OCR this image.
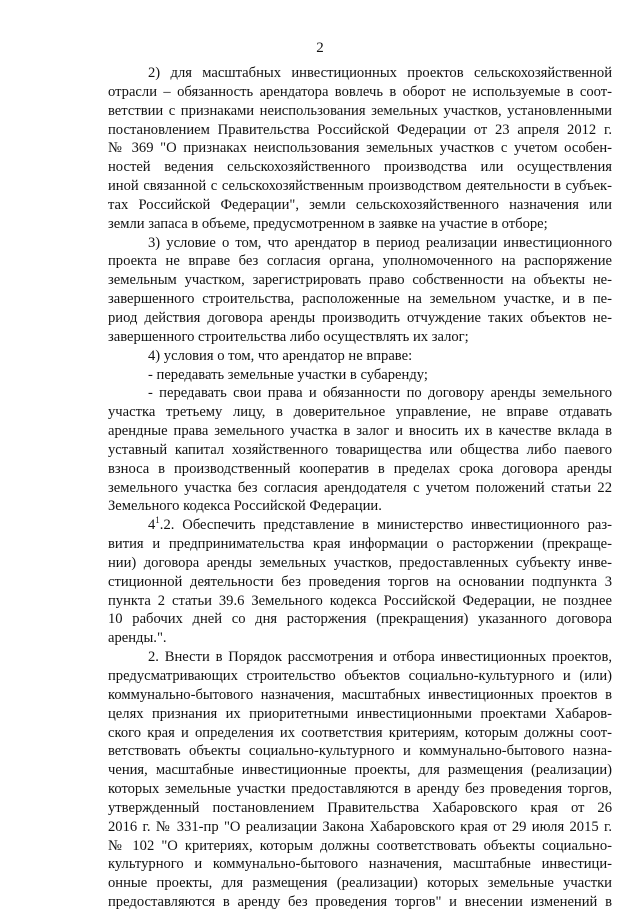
2
2) для масштабных инвестиционных проектов сельскохозяйственной
отрасли – обязанность арендатора вовлечь в оборот не используемые в соот-
ветствии с признаками неиспользования земельных участков, установленными
постановлением Правительства Российской Федерации от 23 апреля 2012 г.
№ 369 "О признаках неиспользования земельных участков с учетом особен-
ностей ведения сельскохозяйственного производства или осуществления
иной связанной с сельскохозяйственным производством деятельности в субъек-
тах Российской Федерации", земли сельскохозяйственного назначения или
земли запаса в объеме, предусмотренном в заявке на участие в отборе;
3) условие о том, что арендатор в период реализации инвестиционного
проекта не вправе без согласия органа, уполномоченного на распоряжение
земельным участком, зарегистрировать право собственности на объекты не-
завершенного строительства, расположенные на земельном участке, и в пе-
риод действия договора аренды производить отчуждение таких объектов не-
завершенного строительства либо осуществлять их залог;
4) условия о том, что арендатор не вправе:
- передавать земельные участки в субаренду;
- передавать свои права и обязанности по договору аренды земельного
участка третьему лицу, в доверительное управление, не вправе отдавать
арендные права земельного участка в залог и вносить их в качестве вклада в
уставный капитал хозяйственного товарищества или общества либо паевого
взноса в производственный кооператив в пределах срока договора аренды
земельного участка без согласия арендодателя с учетом положений статьи 22
Земельного кодекса Российской Федерации.
$4^1.2$. Обеспечить представление в министерство инвестиционного раз-
вития и предпринимательства края информации о расторжении (прекраще-
нии) договора аренды земельных участков, предоставленных субъекту инве-
стиционной деятельности без проведения торгов на основании подпункта 3
пункта 2 статьи 39.6 Земельного кодекса Российской Федерации, не позднее
10 рабочих дней со дня расторжения (прекращения) указанного договора
аренды.".
2. Внести в Порядок рассмотрения и отбора инвестиционных проектов,
предусматривающих строительство объектов социально-культурного и (или)
коммунально-бытового назначения, масштабных инвестиционных проектов в
целях признания их приоритетными инвестиционными проектами Хабаров-
ского края и определения их соответствия критериям, которым должны соот-
ветствовать объекты социально-культурного и коммунально-бытового назна-
чения, масштабные инвестиционные проекты, для размещения (реализации)
которых земельные участки предоставляются в аренду без проведения торгов,
утвержденный постановлением Правительства Хабаровского края от 26
2016 г. № 331-пр "О реализации Закона Хабаровского края от 29 июля 2015 г.
№ 102 "О критериях, которым должны соответствовать объекты социально-
культурного и коммунально-бытового назначения, масштабные инвестици-
онные проекты, для размещения (реализации) которых земельные участки
предоставляются в аренду без проведения торгов" и внесении изменений в
